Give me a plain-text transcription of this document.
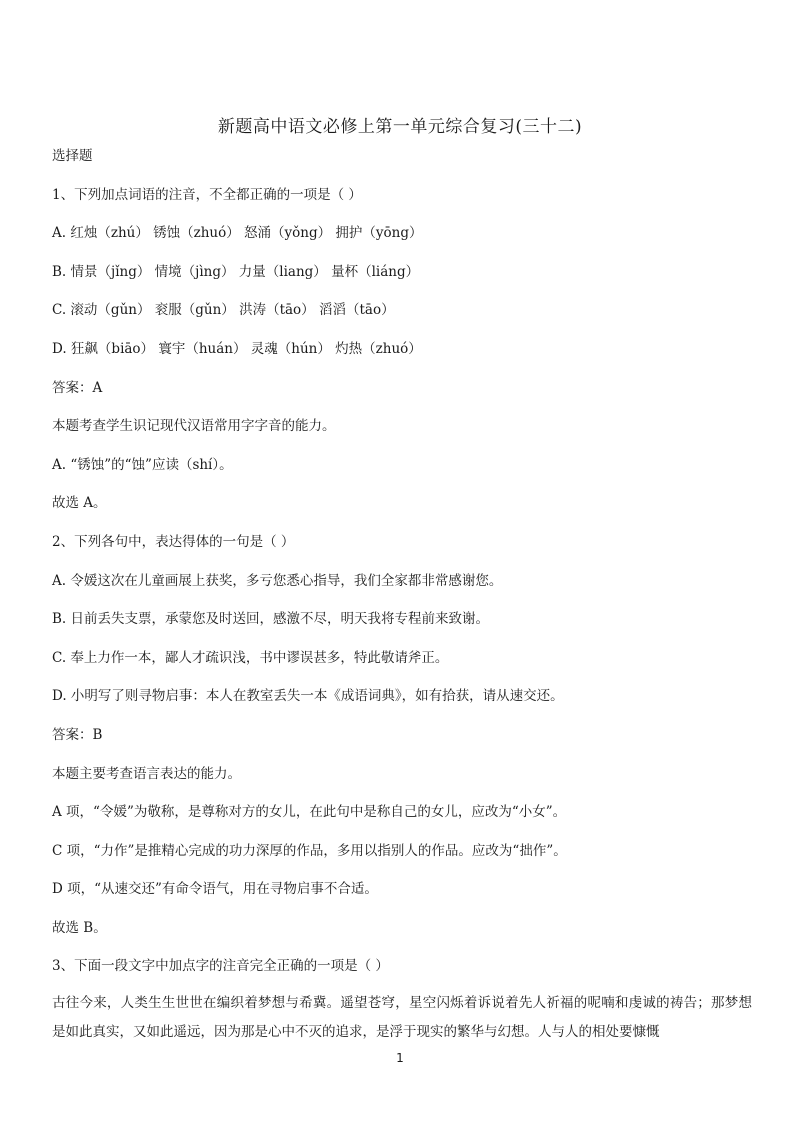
新题高中语文必修上第一单元综合复习(三十二)
选择题
1、下列加点词语的注音，不全都正确的一项是（ ）
A. 红烛（zhú） 锈蚀（zhuó） 怒涌（yǒng） 拥护（yōng）
B. 情景（jǐng） 情境（jìng） 力量（liang） 量杯（liáng）
C. 滚动（gǔn） 衮服（gǔn） 洪涛（tāo） 滔滔（tāo）
D. 狂飙（biāo） 寰宇（huán） 灵魂（hún） 灼热（zhuó）
答案：A
本题考查学生识记现代汉语常用字字音的能力。
A. “锈蚀”的“蚀”应读（shí）。
故选 A。
2、下列各句中，表达得体的一句是（ ）
A. 令媛这次在儿童画展上获奖，多亏您悉心指导，我们全家都非常感谢您。
B. 日前丢失支票，承蒙您及时送回，感激不尽，明天我将专程前来致谢。
C. 奉上力作一本，鄙人才疏识浅，书中谬误甚多，特此敬请斧正。
D. 小明写了则寻物启事：本人在教室丢失一本《成语词典》，如有拾获，请从速交还。
答案：B
本题主要考查语言表达的能力。
A 项，“令媛”为敬称，是尊称对方的女儿，在此句中是称自己的女儿，应改为“小女”。
C 项，“力作”是推精心完成的功力深厚的作品，多用以指别人的作品。应改为“拙作”。
D 项，“从速交还”有命令语气，用在寻物启事不合适。
故选 B。
3、下面一段文字中加点字的注音完全正确的一项是（ ）
古往今来，人类生生世世在编织着梦想与希冀。遥望苍穹，星空闪烁着诉说着先人祈福的呢喃和虔诚的祷告；那梦想是如此真实，又如此遥远，因为那是心中不灭的追求，是浮于现实的繁华与幻想。人与人的相处要慷慨
1
